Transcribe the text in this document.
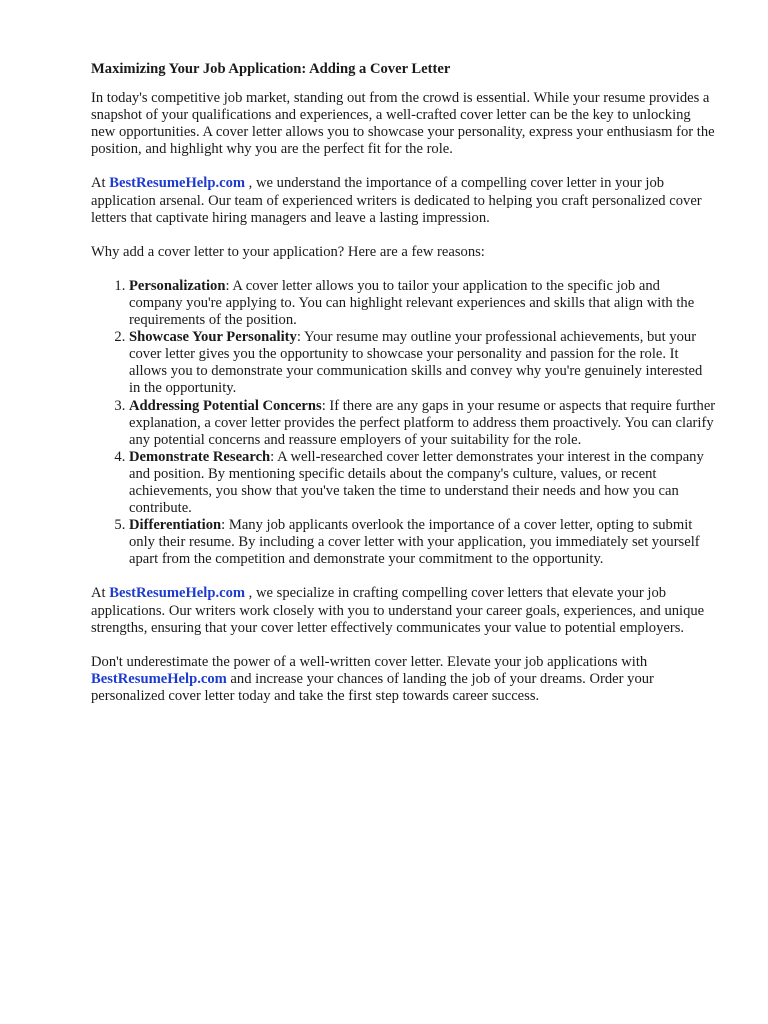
Maximizing Your Job Application: Adding a Cover Letter

In today's competitive job market, standing out from the crowd is essential. While your resume provides a snapshot of your qualifications and experiences, a well-crafted cover letter can be the key to unlocking new opportunities. A cover letter allows you to showcase your personality, express your enthusiasm for the position, and highlight why you are the perfect fit for the role.

At BestResumeHelp.com , we understand the importance of a compelling cover letter in your job application arsenal. Our team of experienced writers is dedicated to helping you craft personalized cover letters that captivate hiring managers and leave a lasting impression.

Why add a cover letter to your application? Here are a few reasons:

1. Personalization: A cover letter allows you to tailor your application to the specific job and company you're applying to. You can highlight relevant experiences and skills that align with the requirements of the position.
2. Showcase Your Personality: Your resume may outline your professional achievements, but your cover letter gives you the opportunity to showcase your personality and passion for the role. It allows you to demonstrate your communication skills and convey why you're genuinely interested in the opportunity.
3. Addressing Potential Concerns: If there are any gaps in your resume or aspects that require further explanation, a cover letter provides the perfect platform to address them proactively. You can clarify any potential concerns and reassure employers of your suitability for the role.
4. Demonstrate Research: A well-researched cover letter demonstrates your interest in the company and position. By mentioning specific details about the company's culture, values, or recent achievements, you show that you've taken the time to understand their needs and how you can contribute.
5. Differentiation: Many job applicants overlook the importance of a cover letter, opting to submit only their resume. By including a cover letter with your application, you immediately set yourself apart from the competition and demonstrate your commitment to the opportunity.

At BestResumeHelp.com , we specialize in crafting compelling cover letters that elevate your job applications. Our writers work closely with you to understand your career goals, experiences, and unique strengths, ensuring that your cover letter effectively communicates your value to potential employers.

Don't underestimate the power of a well-written cover letter. Elevate your job applications with BestResumeHelp.com and increase your chances of landing the job of your dreams. Order your personalized cover letter today and take the first step towards career success.
